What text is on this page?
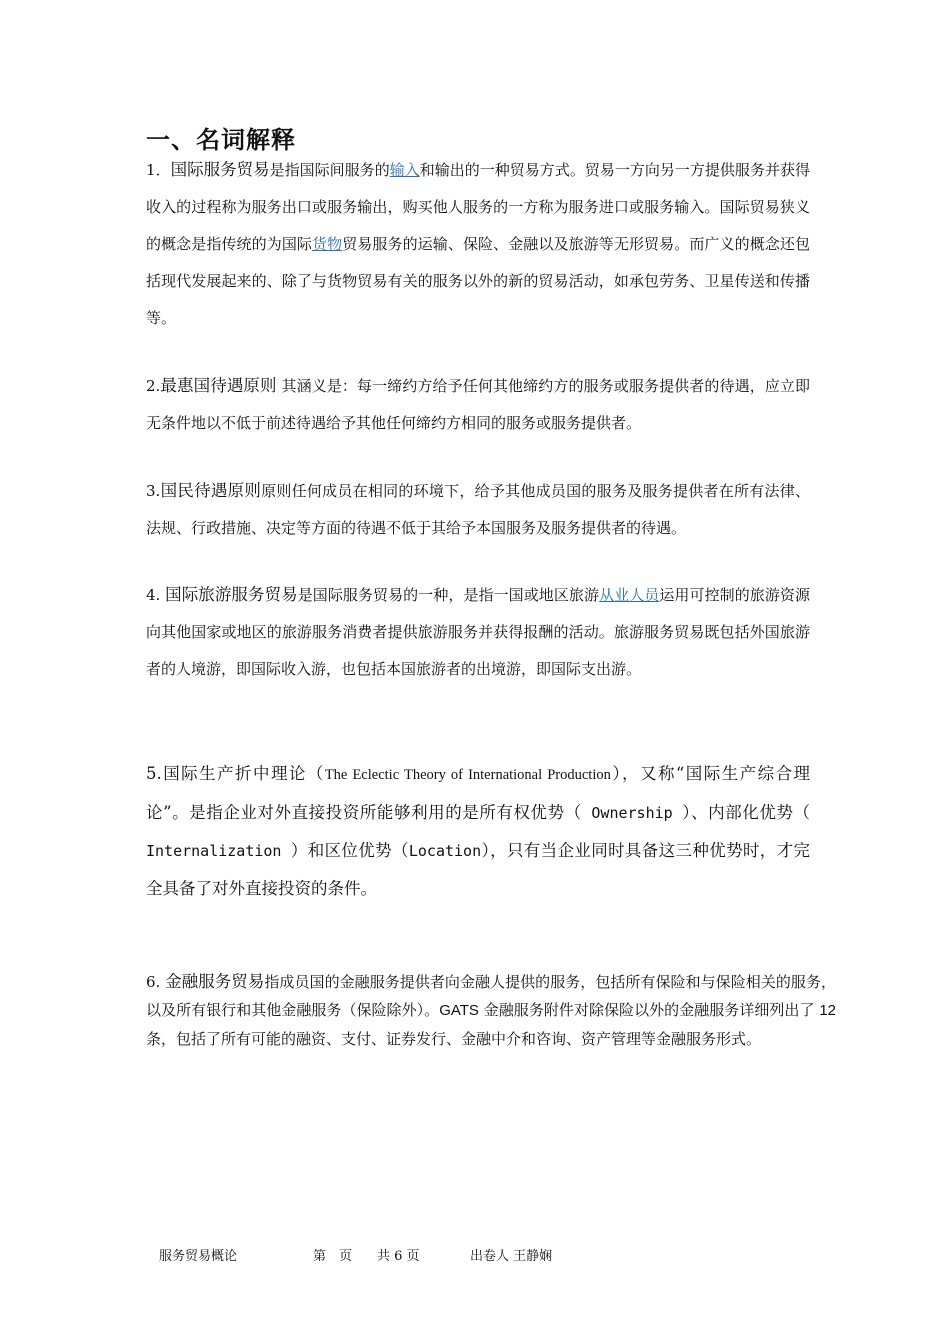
一、名词解释

1．国际服务贸易是指国际间服务的输入和输出的一种贸易方式。贸易一方向另一方提供服务并获得收入的过程称为服务出口或服务输出，购买他人服务的一方称为服务进口或服务输入。国际贸易狭义的概念是指传统的为国际货物贸易服务的运输、保险、金融以及旅游等无形贸易。而广义的概念还包括现代发展起来的、除了与货物贸易有关的服务以外的新的贸易活动，如承包劳务、卫星传送和传播等。

2.最惠国待遇原则 其涵义是：每一缔约方给予任何其他缔约方的服务或服务提供者的待遇，应立即无条件地以不低于前述待遇给予其他任何缔约方相同的服务或服务提供者。

3.国民待遇原则原则任何成员在相同的环境下，给予其他成员国的服务及服务提供者在所有法律、法规、行政措施、决定等方面的待遇不低于其给予本国服务及服务提供者的待遇。

4. 国际旅游服务贸易是国际服务贸易的一种，是指一国或地区旅游从业人员运用可控制的旅游资源向其他国家或地区的旅游服务消费者提供旅游服务并获得报酬的活动。旅游服务贸易既包括外国旅游者的人境游，即国际收入游，也包括本国旅游者的出境游，即国际支出游。

5.国际生产折中理论（The Eclectic Theory of International Production），又称“国际生产综合理论”。是指企业对外直接投资所能够利用的是所有权优势（ Ownership ）、内部化优势（ Internalization ）和区位优势（Location），只有当企业同时具备这三种优势时，才完全具备了对外直接投资的条件。

6. 金融服务贸易指成员国的金融服务提供者向金融人提供的服务，包括所有保险和与保险相关的服务，以及所有银行和其他金融服务（保险除外）。GATS 金融服务附件对除保险以外的金融服务详细列出了 12 条，包括了所有可能的融资、支付、证券发行、金融中介和咨询、资产管理等金融服务形式。

服务贸易概论	第　页 共 6 页	出卷人 王静娴
